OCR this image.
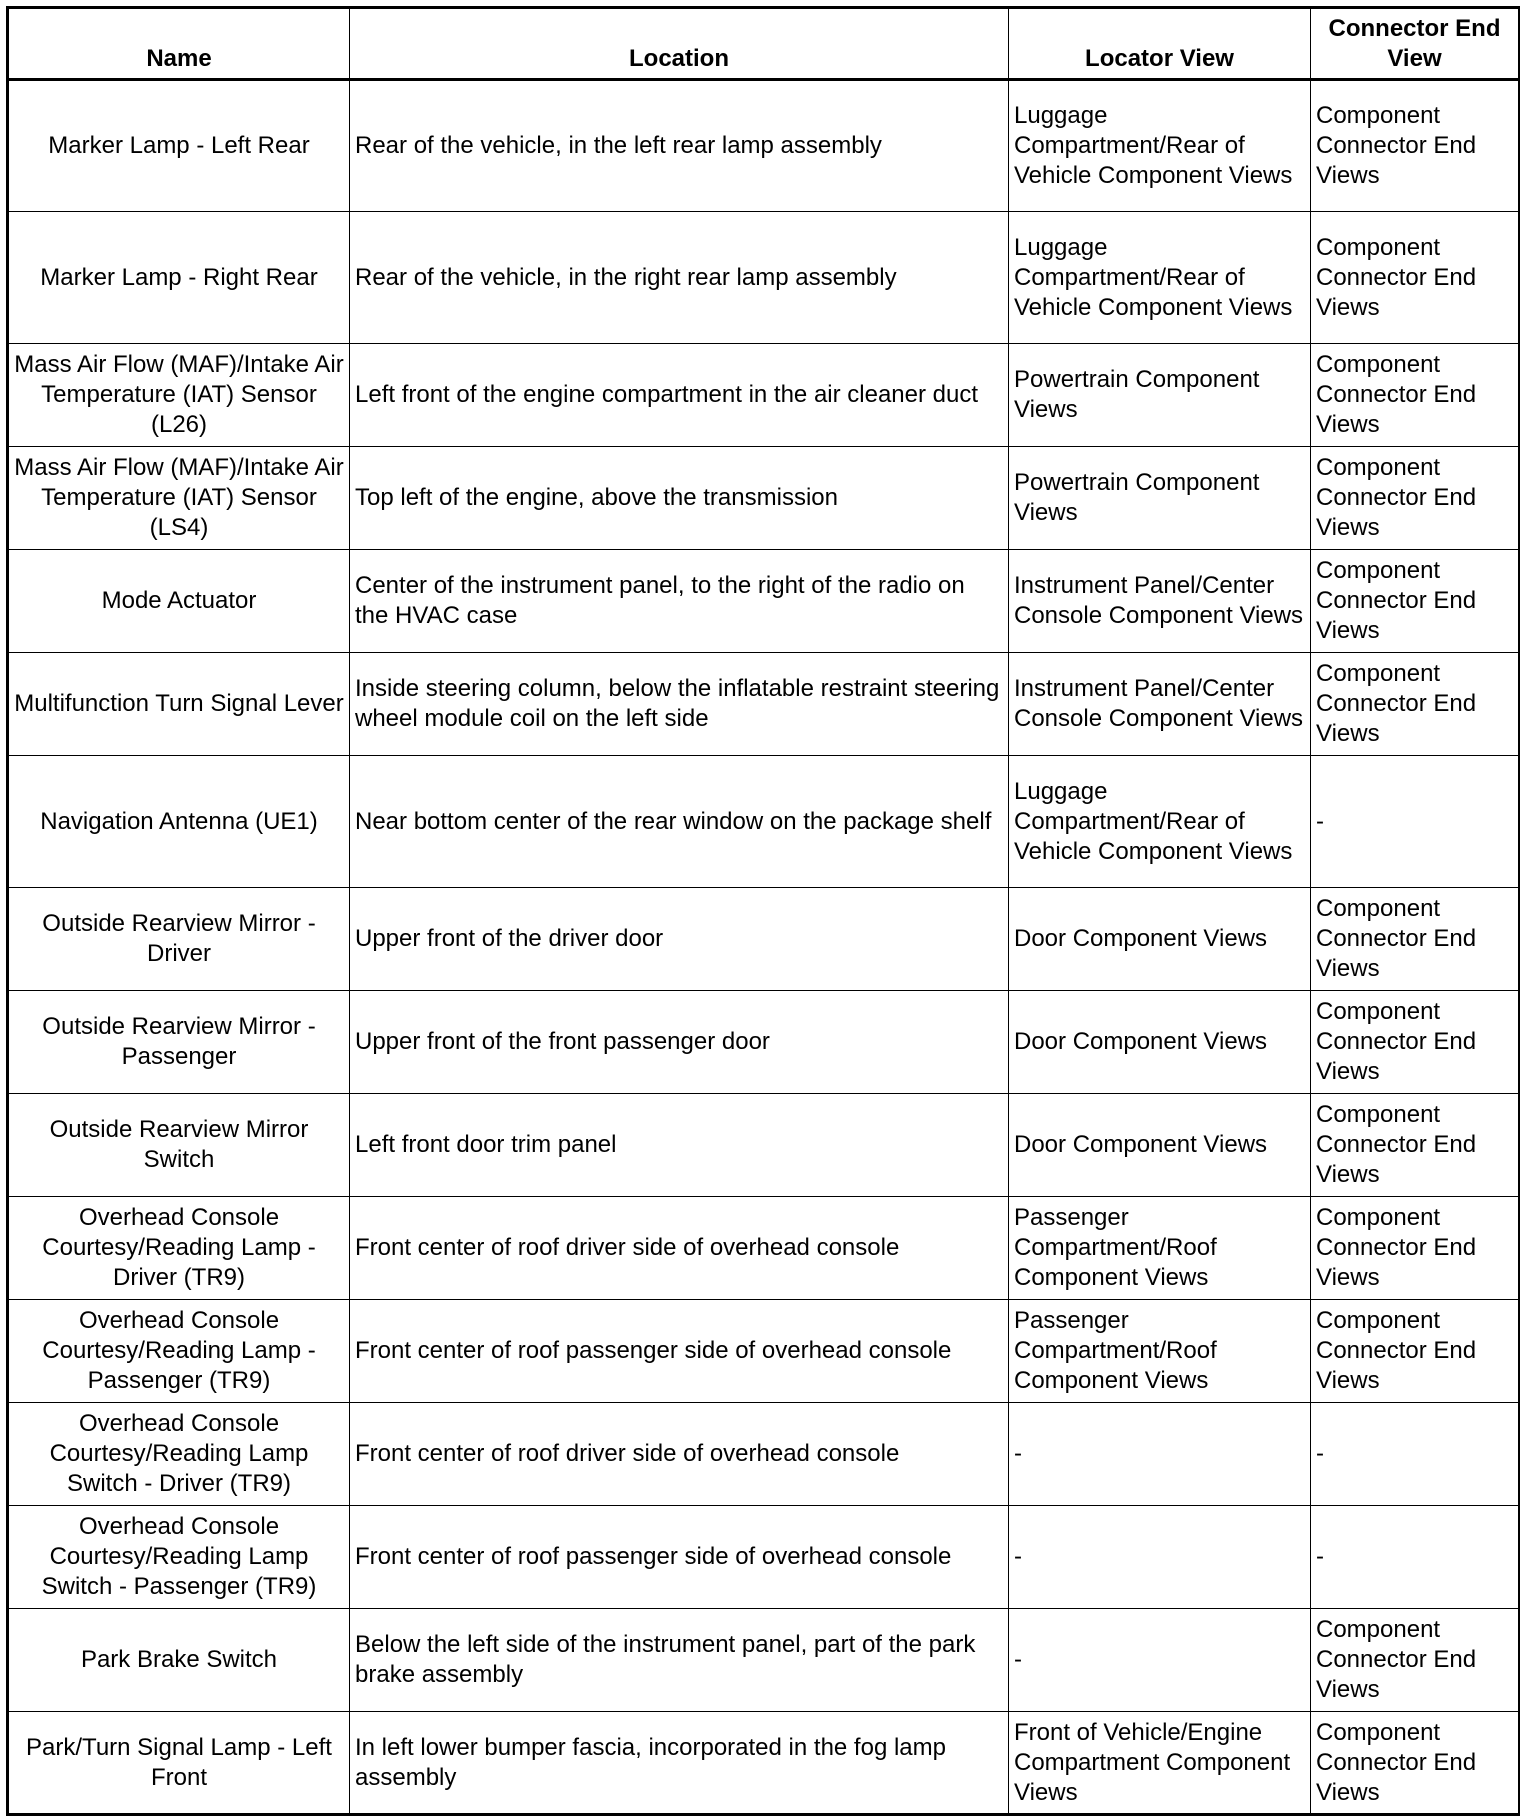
Name	Location	Locator View	Connector End View
Marker Lamp - Left Rear	Rear of the vehicle, in the left rear lamp assembly	Luggage Compartment/Rear of Vehicle Component Views	Component Connector End Views
Marker Lamp - Right Rear	Rear of the vehicle, in the right rear lamp assembly	Luggage Compartment/Rear of Vehicle Component Views	Component Connector End Views
Mass Air Flow (MAF)/Intake Air Temperature (IAT) Sensor (L26)	Left front of the engine compartment in the air cleaner duct	Powertrain Component Views	Component Connector End Views
Mass Air Flow (MAF)/Intake Air Temperature (IAT) Sensor (LS4)	Top left of the engine, above the transmission	Powertrain Component Views	Component Connector End Views
Mode Actuator	Center of the instrument panel, to the right of the radio on the HVAC case	Instrument Panel/Center Console Component Views	Component Connector End Views
Multifunction Turn Signal Lever	Inside steering column, below the inflatable restraint steering wheel module coil on the left side	Instrument Panel/Center Console Component Views	Component Connector End Views
Navigation Antenna (UE1)	Near bottom center of the rear window on the package shelf	Luggage Compartment/Rear of Vehicle Component Views	-
Outside Rearview Mirror - Driver	Upper front of the driver door	Door Component Views	Component Connector End Views
Outside Rearview Mirror - Passenger	Upper front of the front passenger door	Door Component Views	Component Connector End Views
Outside Rearview Mirror Switch	Left front door trim panel	Door Component Views	Component Connector End Views
Overhead Console Courtesy/Reading Lamp - Driver (TR9)	Front center of roof driver side of overhead console	Passenger Compartment/Roof Component Views	Component Connector End Views
Overhead Console Courtesy/Reading Lamp - Passenger (TR9)	Front center of roof passenger side of overhead console	Passenger Compartment/Roof Component Views	Component Connector End Views
Overhead Console Courtesy/Reading Lamp Switch - Driver (TR9)	Front center of roof driver side of overhead console	-	-
Overhead Console Courtesy/Reading Lamp Switch - Passenger (TR9)	Front center of roof passenger side of overhead console	-	-
Park Brake Switch	Below the left side of the instrument panel, part of the park brake assembly	-	Component Connector End Views
Park/Turn Signal Lamp - Left Front	In left lower bumper fascia, incorporated in the fog lamp assembly	Front of Vehicle/Engine Compartment Component Views	Component Connector End Views
